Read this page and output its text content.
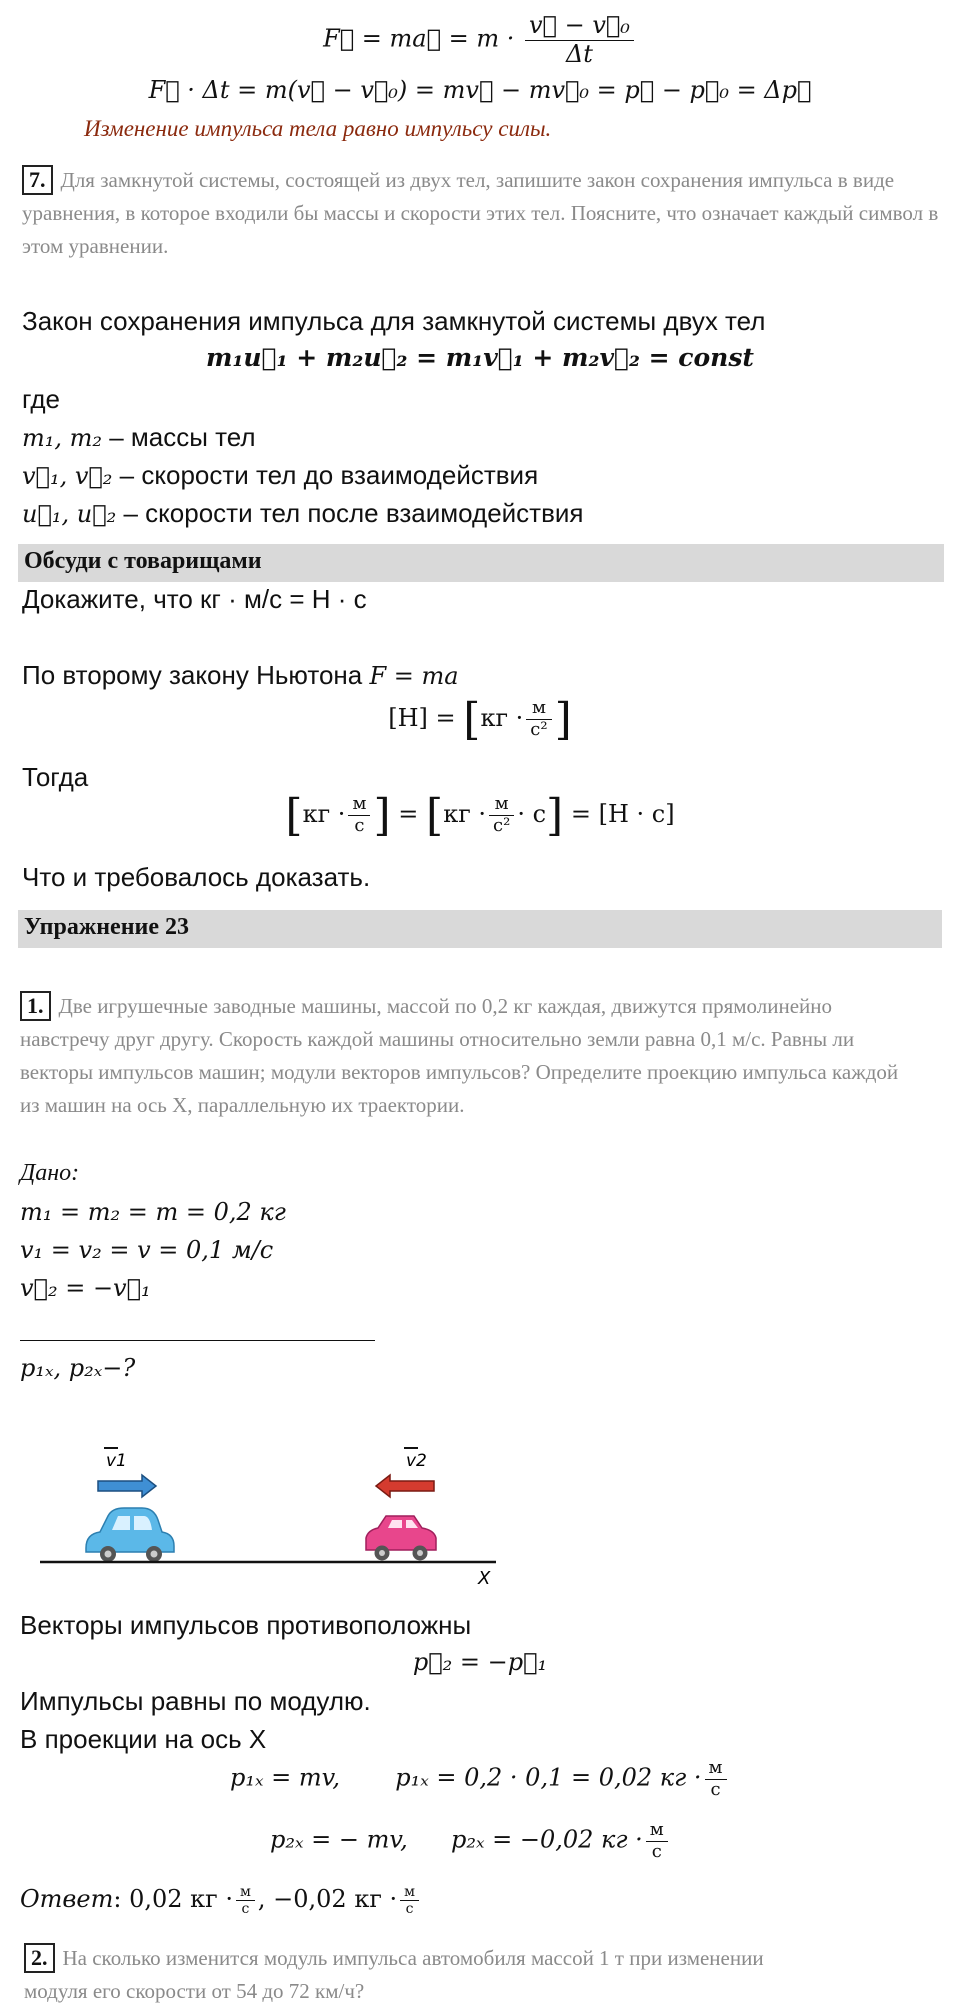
F⃗ = ma⃗ = $m \cdot \frac{\text{v⃗ − v⃗₀}}{\Delta t}$
F⃗ · Δt = m(v⃗ − v⃗₀) = mv⃗ − mv⃗₀ = p⃗ − p⃗₀ = Δp⃗
Изменение импульса тела равно импульсу силы.
7. Для замкнутой системы, состоящей из двух тел, запишите закон сохранения импульса в виде уравнения, в которое входили бы массы и скорости этих тел. Поясните, что означает каждый символ в этом уравнении.
Закон сохранения импульса для замкнутой системы двух тел
m₁u⃗₁ + m₂u⃗₂ = m₁v⃗₁ + m₂v⃗₂ = const
где
m₁, m₂ – массы тел
v⃗₁, v⃗₂ – скорости тел до взаимодействия
u⃗₁, u⃗₂ – скорости тел после взаимодействия
Обсуди с товарищами
Докажите, что кг · м/с = Н · с
По второму закону Ньютона F = ma
$[Н] = [кг \cdot \frac{м}{\text{с²}}$ ]
Тогда
[$кг \cdot \frac{м}{с}$ ] = $[кг \cdot \frac{м}{\text{с²}} \cdot с] = [Н \cdot с]$
Что и требовалось доказать.
Упражнение 23
1. Две игрушечные заводные машины, массой по 0,2 кг каждая, движутся прямолинейно навстречу друг другу. Скорость каждой машины относительно земли равна 0,1 м/с. Равны ли векторы импульсов машин; модули векторов импульсов? Определите проекцию импульса каждой из машин на ось X, параллельную их траектории.
Дано:
m₁ = m₂ = m = 0,2 кг
v₁ = v₂ = v = 0,1 м/с
v⃗₂ = −v⃗₁
p₁ₓ, p₂ₓ−?
v1	v2
X
Векторы импульсов противоположны
p⃗₂ = −p⃗₁
Импульсы равны по модулю.
В проекции на ось X
p₁ₓ = mv, p₁ₓ = 0,2 · 0,1 = 0,02 кг · $\frac{м}{с}$
p₂ₓ = − mv, p₂ₓ = −0,02 кг · $\frac{м}{с}$
Ответ: 0,02 кг · $\frac{м}{с}$ , −0,02 кг · $\frac{м}{с}$
2. На сколько изменится модуль импульса автомобиля массой 1 т при изменении модуля его скорости от 54 до 72 км/ч?
